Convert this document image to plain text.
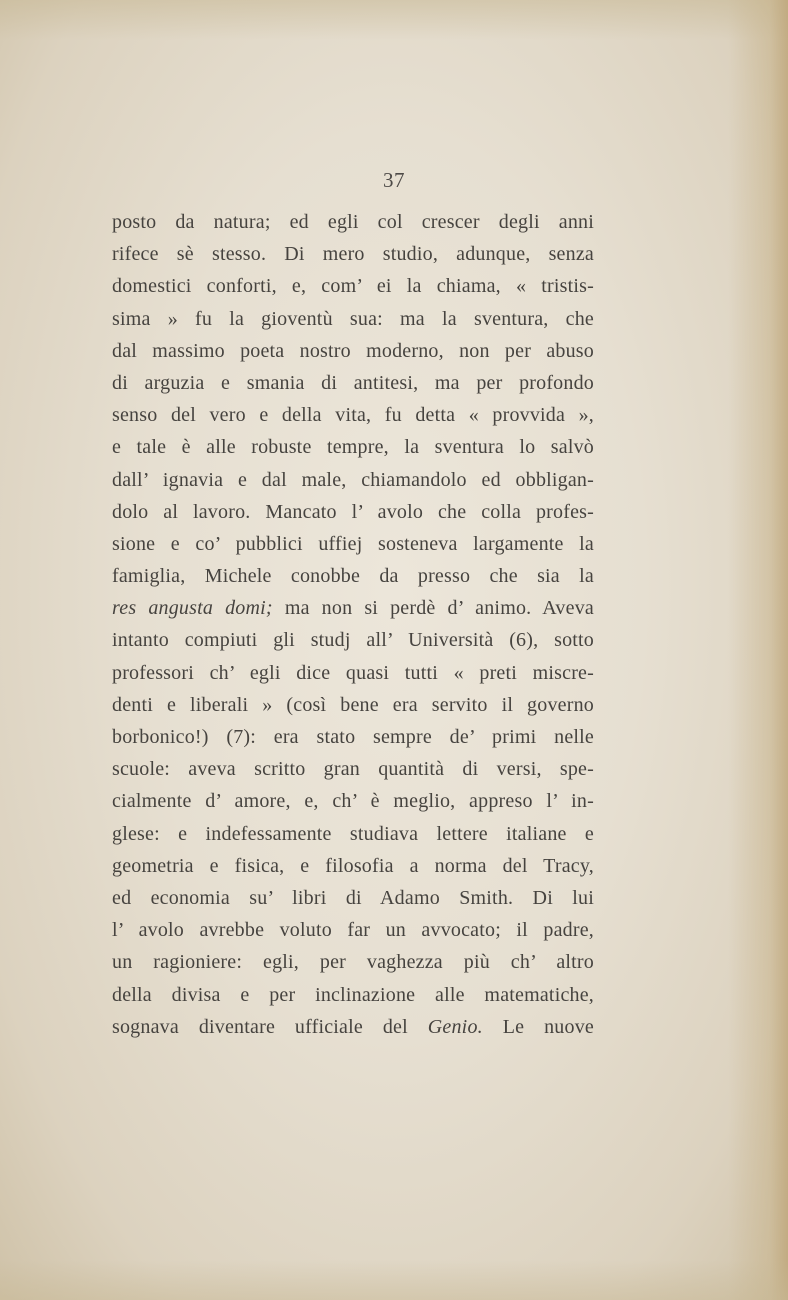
37
posto da natura; ed egli col crescer degli anni
rifece sè stesso. Di mero studio, adunque, senza
domestici conforti, e, com’ ei la chiama, « tristis-
sima » fu la gioventù sua: ma la sventura, che
dal massimo poeta nostro moderno, non per abuso
di arguzia e smania di antitesi, ma per profondo
senso del vero e della vita, fu detta « provvida »,
e tale è alle robuste tempre, la sventura lo salvò
dall’ ignavia e dal male, chiamandolo ed obbligan-
dolo al lavoro. Mancato l’ avolo che colla profes-
sione e co’ pubblici uffiej sosteneva largamente la
famiglia, Michele conobbe da presso che sia la
res angusta domi; ma non si perdè d’ animo. Aveva
intanto compiuti gli studj all’ Università (6), sotto
professori ch’ egli dice quasi tutti « preti miscre-
denti e liberali » (così bene era servito il governo
borbonico!) (7): era stato sempre de’ primi nelle
scuole: aveva scritto gran quantità di versi, spe-
cialmente d’ amore, e, ch’ è meglio, appreso l’ in-
glese: e indefessamente studiava lettere italiane e
geometria e fisica, e filosofia a norma del Tracy,
ed economia su’ libri di Adamo Smith. Di lui
l’ avolo avrebbe voluto far un avvocato; il padre,
un ragioniere: egli, per vaghezza più ch’ altro
della divisa e per inclinazione alle matematiche,
sognava diventare ufficiale del Genio. Le nuove
